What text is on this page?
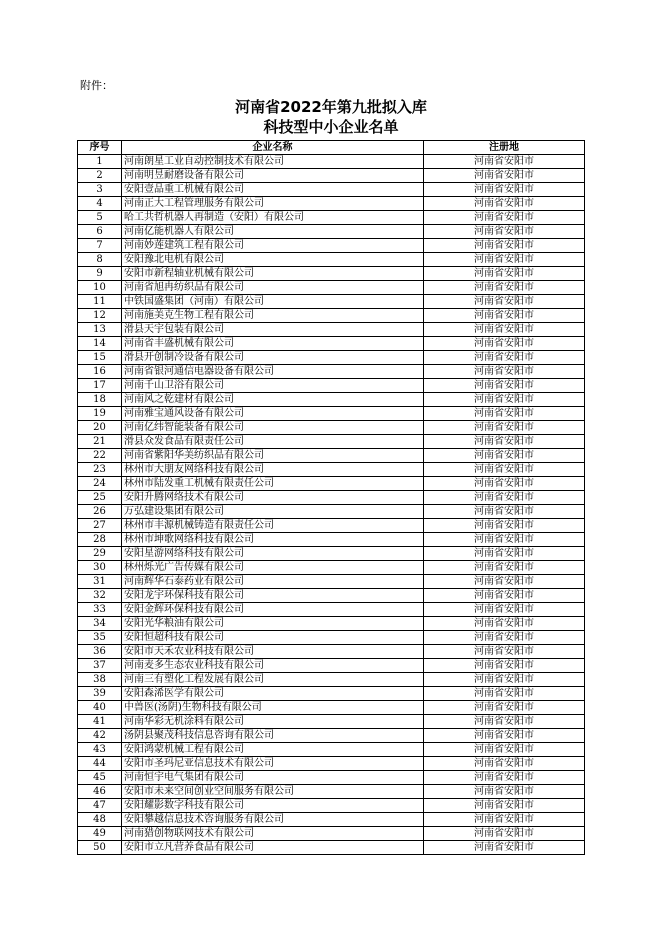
附件：
河南省2022年第九批拟入库
科技型中小企业名单
序号	企业名称	注册地
1	河南朗星工业自动控制技术有限公司	河南省安阳市
2	河南明昱耐磨设备有限公司	河南省安阳市
3	安阳壹品重工机械有限公司	河南省安阳市
4	河南正大工程管理服务有限公司	河南省安阳市
5	哈工共哲机器人再制造（安阳）有限公司	河南省安阳市
6	河南亿能机器人有限公司	河南省安阳市
7	河南妙莲建筑工程有限公司	河南省安阳市
8	安阳豫北电机有限公司	河南省安阳市
9	安阳市新程轴业机械有限公司	河南省安阳市
10	河南省旭冉纺织品有限公司	河南省安阳市
11	中铁国盛集团（河南）有限公司	河南省安阳市
12	河南施美克生物工程有限公司	河南省安阳市
13	滑县天宇包装有限公司	河南省安阳市
14	河南省丰盛机械有限公司	河南省安阳市
15	滑县开创制冷设备有限公司	河南省安阳市
16	河南省银河通信电器设备有限公司	河南省安阳市
17	河南千山卫浴有限公司	河南省安阳市
18	河南风之乾建材有限公司	河南省安阳市
19	河南雅宝通风设备有限公司	河南省安阳市
20	河南亿纬智能装备有限公司	河南省安阳市
21	滑县众发食品有限责任公司	河南省安阳市
22	河南省紫阳华美纺织品有限公司	河南省安阳市
23	林州市大朋友网络科技有限公司	河南省安阳市
24	林州市陆发重工机械有限责任公司	河南省安阳市
25	安阳升腾网络技术有限公司	河南省安阳市
26	万弘建设集团有限公司	河南省安阳市
27	林州市丰源机械铸造有限责任公司	河南省安阳市
28	林州市坤歌网络科技有限公司	河南省安阳市
29	安阳星游网络科技有限公司	河南省安阳市
30	林州烁光广告传媒有限公司	河南省安阳市
31	河南辉华石泰药业有限公司	河南省安阳市
32	安阳龙宇环保科技有限公司	河南省安阳市
33	安阳金辉环保科技有限公司	河南省安阳市
34	安阳光华粮油有限公司	河南省安阳市
35	安阳恒超科技有限公司	河南省安阳市
36	安阳市天禾农业科技有限公司	河南省安阳市
37	河南麦多生态农业科技有限公司	河南省安阳市
38	河南三有塑化工程发展有限公司	河南省安阳市
39	安阳森浠医学有限公司	河南省安阳市
40	中兽医(汤阴)生物科技有限公司	河南省安阳市
41	河南华彩无机涂料有限公司	河南省安阳市
42	汤阴县聚茂科技信息咨询有限公司	河南省安阳市
43	安阳鸿蒙机械工程有限公司	河南省安阳市
44	安阳市圣玛尼亚信息技术有限公司	河南省安阳市
45	河南恒宇电气集团有限公司	河南省安阳市
46	安阳市未来空间创业空间服务有限公司	河南省安阳市
47	安阳耀影数字科技有限公司	河南省安阳市
48	安阳攀越信息技术咨询服务有限公司	河南省安阳市
49	河南猎创物联网技术有限公司	河南省安阳市
50	安阳市立凡营养食品有限公司	河南省安阳市
